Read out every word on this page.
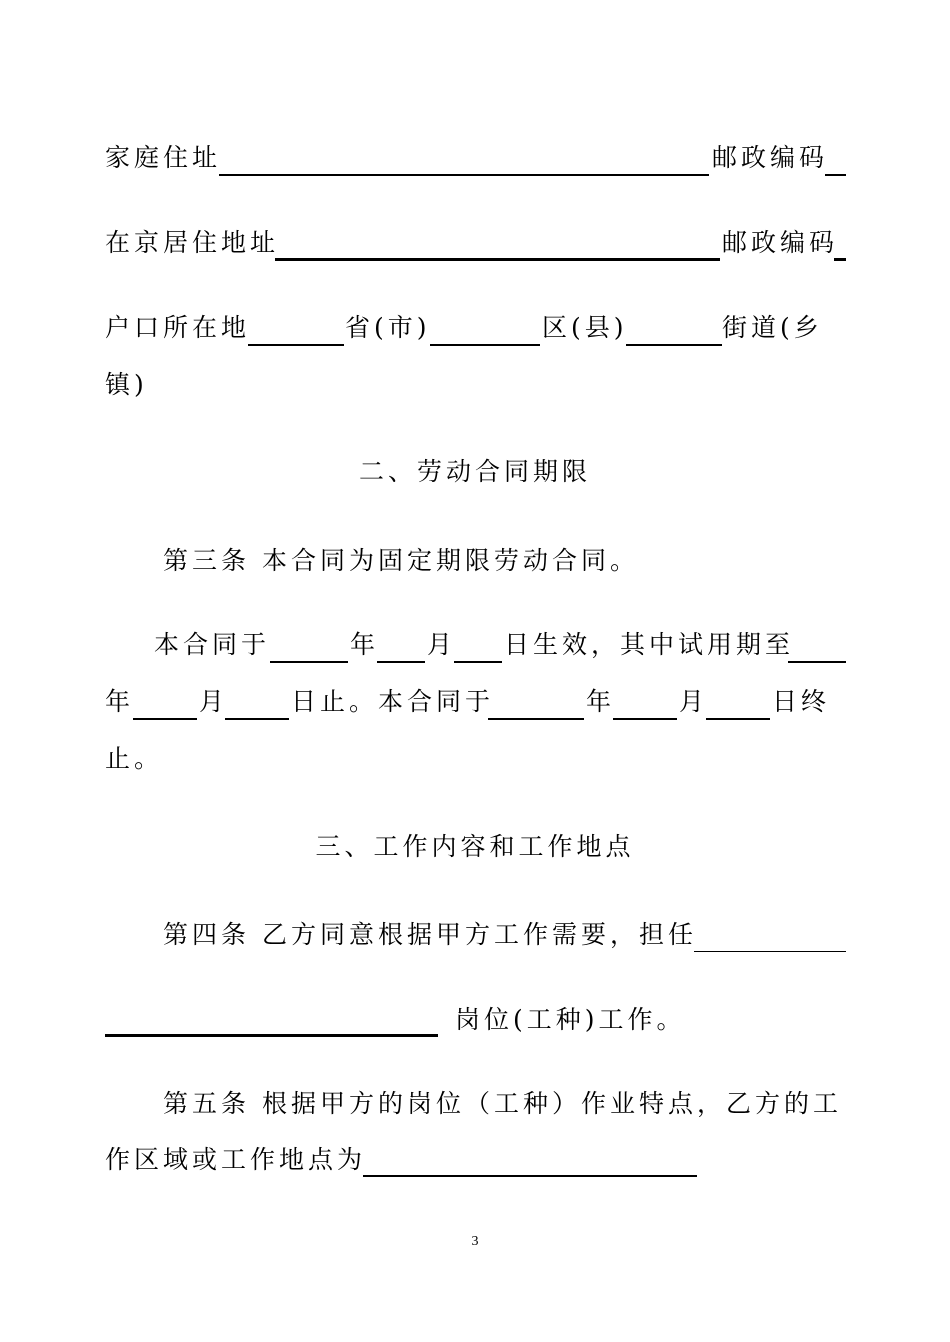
家庭住址	邮政编码
在京居住地址	邮政编码
户口所在地	省(市)	区(县)	街道(乡
镇)
二、劳动合同期限
第三条 本合同为固定期限劳动合同。
本合同于	年 月 日生效，其中试用期至
年	月	日止。本合同于	年	月	日终
止。
三、工作内容和工作地点
第四条 乙方同意根据甲方工作需要，担任
岗位(工种)工作。
第五条 根据甲方的岗位（工种）作业特点，乙方的工
作区域或工作地点为
3
